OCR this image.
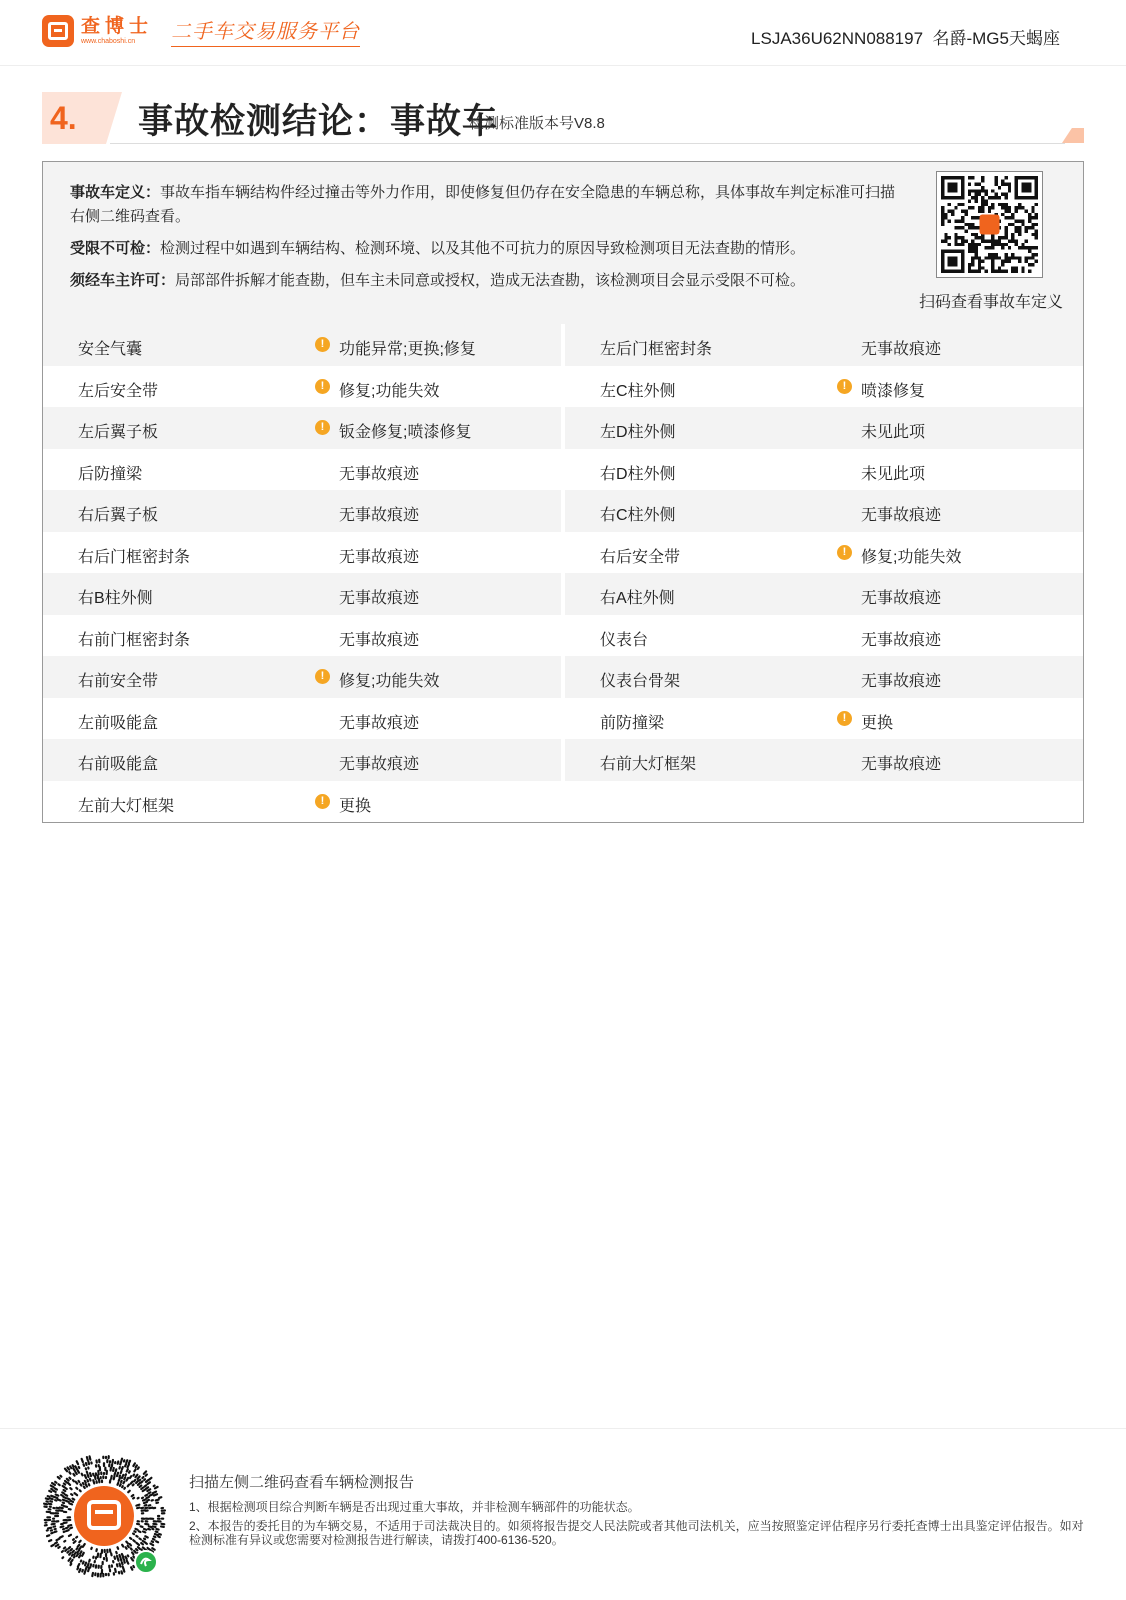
查博士
www.chaboshi.cn	二手车交易服务平台	LSJA36U62NN088197  名爵-MG5天蝎座
4. 事故检测结论：事故车
检测标准版本号V8.8

事故车定义：事故车指车辆结构件经过撞击等外力作用，即使修复但仍存在安全隐患的车辆总称，具体事故车判定标准可扫描右侧二维码查看。

受限不可检：检测过程中如遇到车辆结构、检测环境、以及其他不可抗力的原因导致检测项目无法查勘的情形。

须经车主许可：局部部件拆解才能查勘，但车主未同意或授权，造成无法查勘，该检测项目会显示受限不可检。

扫码查看事故车定义
安全气囊	! 功能异常;更换;修复	左后门框密封条	无事故痕迹
左后安全带	! 修复;功能失效	左C柱外侧	! 喷漆修复
左后翼子板	! 钣金修复;喷漆修复	左D柱外侧	未见此项
后防撞梁	无事故痕迹	右D柱外侧	未见此项
右后翼子板	无事故痕迹	右C柱外侧	无事故痕迹
右后门框密封条	无事故痕迹	右后安全带	! 修复;功能失效
右B柱外侧	无事故痕迹	右A柱外侧	无事故痕迹
右前门框密封条	无事故痕迹	仪表台	无事故痕迹
右前安全带	! 修复;功能失效	仪表台骨架	无事故痕迹
左前吸能盒	无事故痕迹	前防撞梁	! 更换
右前吸能盒	无事故痕迹	右前大灯框架	无事故痕迹
左前大灯框架	! 更换
扫描左侧二维码查看车辆检测报告
1、根据检测项目综合判断车辆是否出现过重大事故，并非检测车辆部件的功能状态。
2、本报告的委托目的为车辆交易，不适用于司法裁决目的。如须将报告提交人民法院或者其他司法机关，应当按照鉴定评估程序另行委托查博士出具鉴定评估报告。如对检测标准有异议或您需要对检测报告进行解读，请拨打400-6136-520。
